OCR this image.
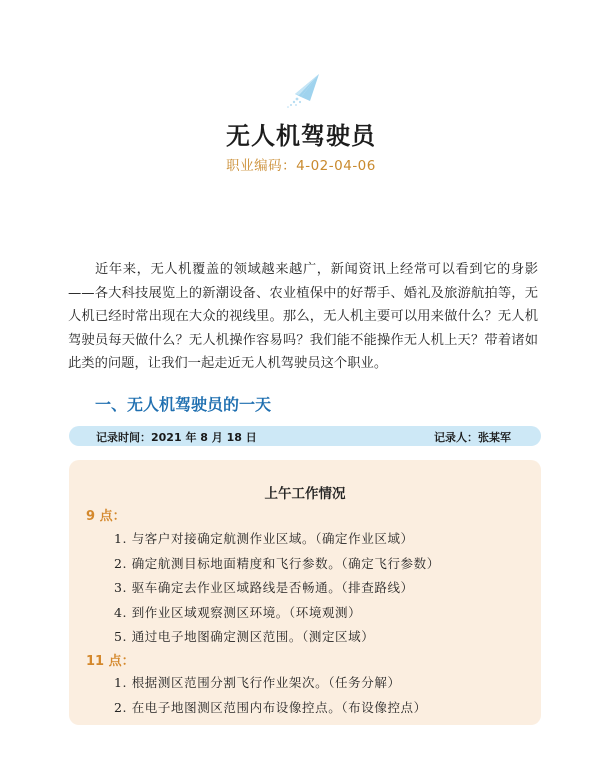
无人机驾驶员
职业编码：4-02-04-06

近年来，无人机覆盖的领域越来越广，新闻资讯上经常可以看到它的身影——各大科技展览上的新潮设备、农业植保中的好帮手、婚礼及旅游航拍等，无人机已经时常出现在大众的视线里。那么，无人机主要可以用来做什么？无人机驾驶员每天做什么？无人机操作容易吗？我们能不能操作无人机上天？带着诸如此类的问题，让我们一起走近无人机驾驶员这个职业。

一、无人机驾驶员的一天
记录时间：2021 年 8 月 18 日	记录人：张某军
上午工作情况
9 点：
1. 与客户对接确定航测作业区域。（确定作业区域）
2. 确定航测目标地面精度和飞行参数。（确定飞行参数）
3. 驱车确定去作业区域路线是否畅通。（排查路线）
4. 到作业区域观察测区环境。（环境观测）
5. 通过电子地图确定测区范围。（测定区域）
11 点：
1. 根据测区范围分割飞行作业架次。（任务分解）
2. 在电子地图测区范围内布设像控点。（布设像控点）
